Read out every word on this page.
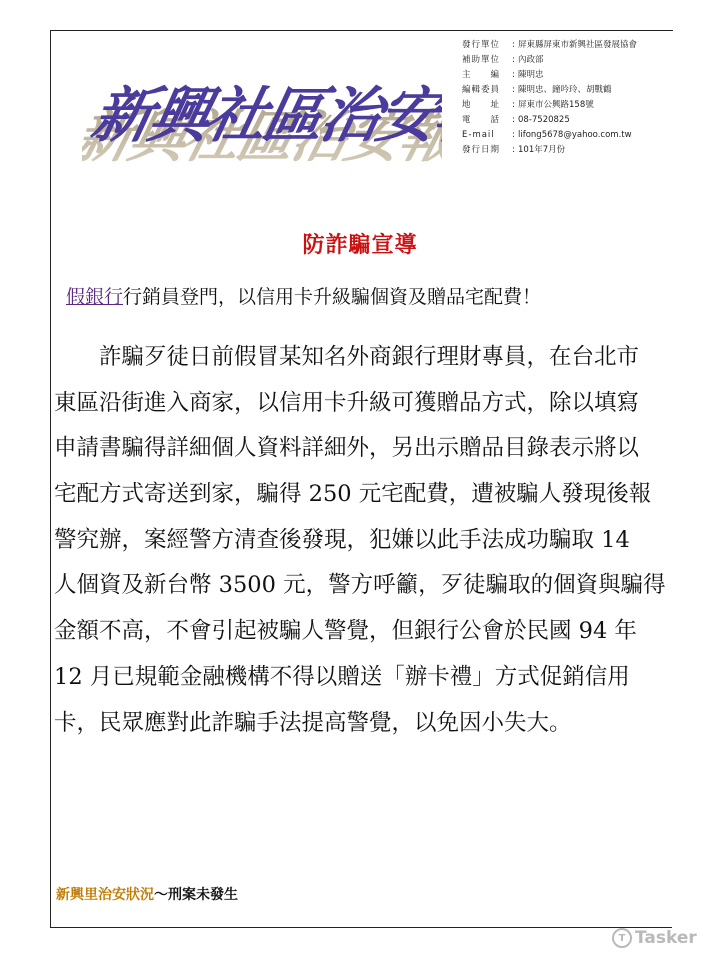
新興社區治安報導
新興社區治安報導
發行單位	: 屏東縣屏東市新興社區發展協會
補助單位	: 內政部
主　　編	: 陳明忠
編輯委員	: 陳明忠、鐘吟玲、胡戰鶴
地　　址	: 屏東市公興路158號
電　　話	: 08-7520825
E-mail	: lifong5678@yahoo.com.tw
發行日期	: 101年7月份
防詐騙宣導
假銀行行銷員登門，以信用卡升級騙個資及贈品宅配費！
　　詐騙歹徒日前假冒某知名外商銀行理財專員，在台北市
東區沿街進入商家，以信用卡升級可獲贈品方式，除以填寫
申請書騙得詳細個人資料詳細外，另出示贈品目錄表示將以
宅配方式寄送到家，騙得 250 元宅配費，遭被騙人發現後報
警究辦，案經警方清查後發現，犯嫌以此手法成功騙取 14
人個資及新台幣 3500 元，警方呼籲，歹徒騙取的個資與騙得
金額不高，不會引起被騙人警覺，但銀行公會於民國 94 年
12 月已規範金融機構不得以贈送「辦卡禮」方式促銷信用
卡，民眾應對此詐騙手法提高警覺，以免因小失大。
新興里治安狀況～刑案未發生
T Tasker
